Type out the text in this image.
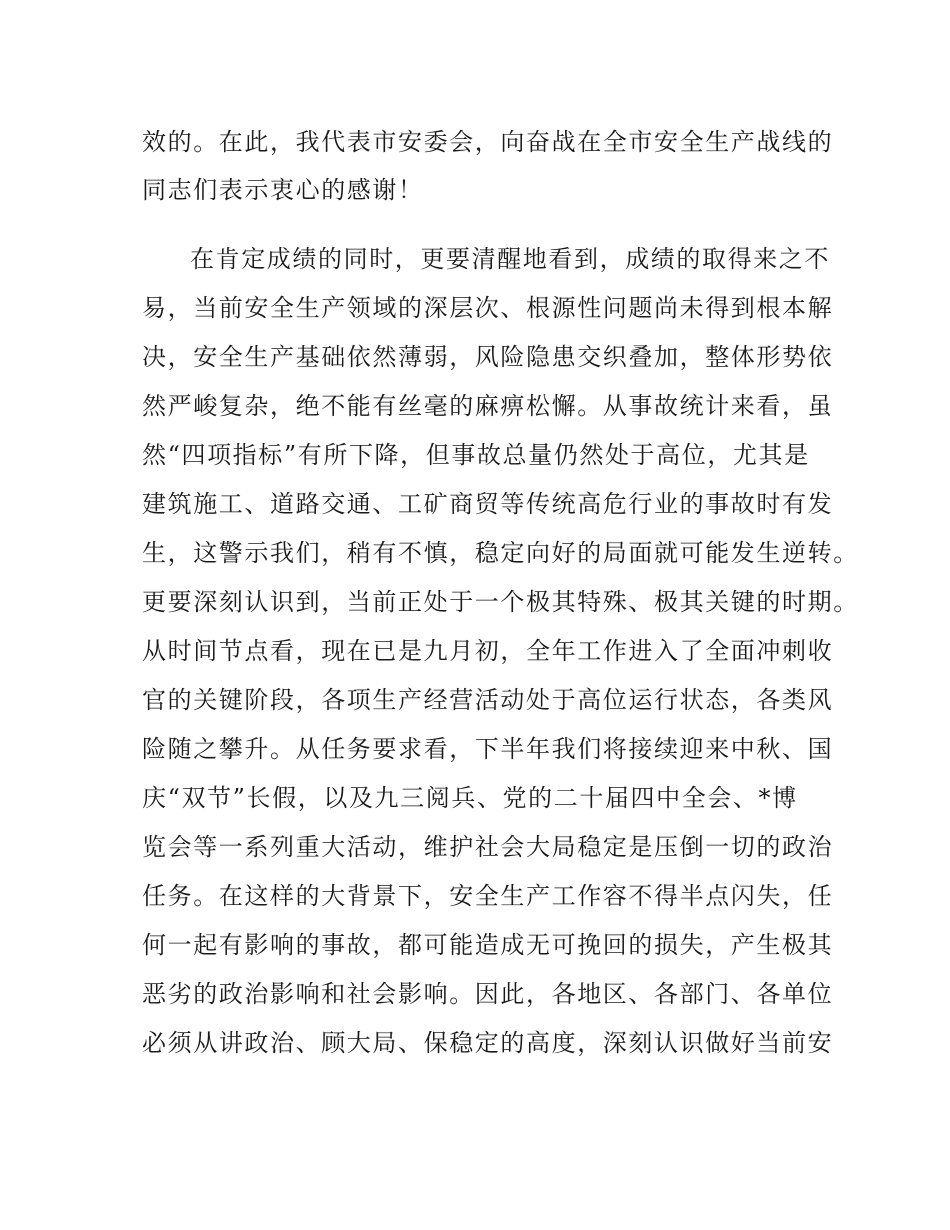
效的。在此，我代表市安委会，向奋战在全市安全生产战线的
同志们表示衷心的感谢！
在肯定成绩的同时，更要清醒地看到，成绩的取得来之不
易，当前安全生产领域的深层次、根源性问题尚未得到根本解
决，安全生产基础依然薄弱，风险隐患交织叠加，整体形势依
然严峻复杂，绝不能有丝毫的麻痹松懈。从事故统计来看，虽
然“四项指标”有所下降，但事故总量仍然处于高位，尤其是
建筑施工、道路交通、工矿商贸等传统高危行业的事故时有发
生，这警示我们，稍有不慎，稳定向好的局面就可能发生逆转。
更要深刻认识到，当前正处于一个极其特殊、极其关键的时期。
从时间节点看，现在已是九月初，全年工作进入了全面冲刺收
官的关键阶段，各项生产经营活动处于高位运行状态，各类风
险随之攀升。从任务要求看，下半年我们将接续迎来中秋、国
庆“双节”长假，以及九三阅兵、党的二十届四中全会、*博
览会等一系列重大活动，维护社会大局稳定是压倒一切的政治
任务。在这样的大背景下，安全生产工作容不得半点闪失，任
何一起有影响的事故，都可能造成无可挽回的损失，产生极其
恶劣的政治影响和社会影响。因此，各地区、各部门、各单位
必须从讲政治、顾大局、保稳定的高度，深刻认识做好当前安
